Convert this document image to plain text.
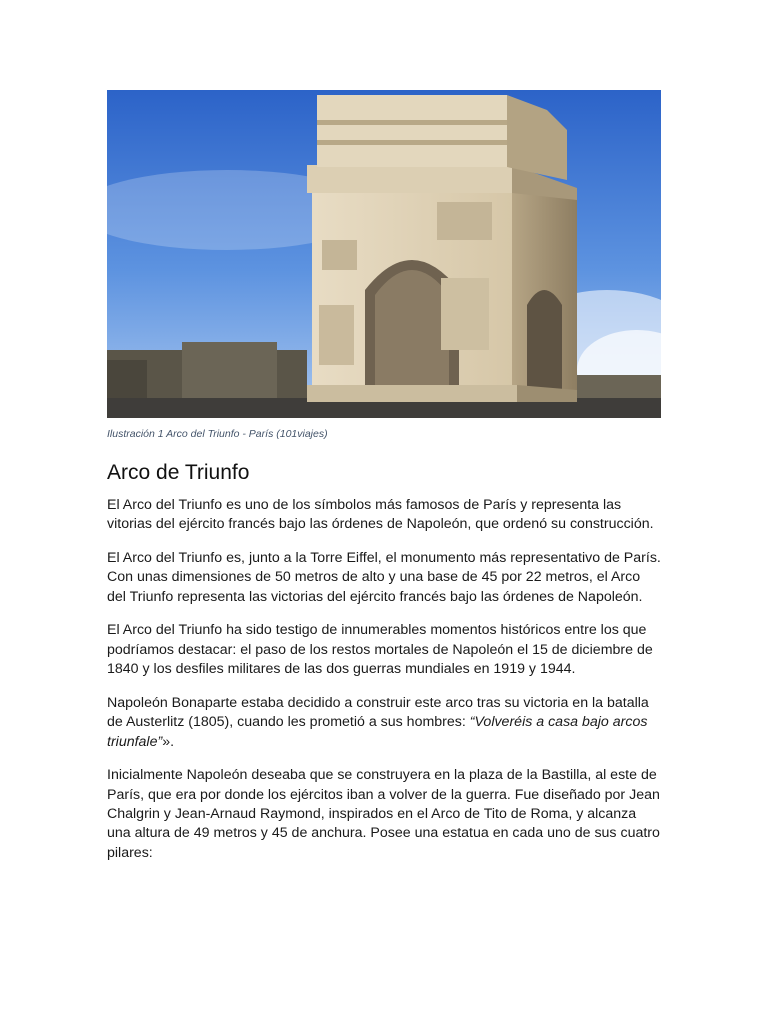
Ilustración 1 Arco del Triunfo - París (101viajes)
Arco de Triunfo

El Arco del Triunfo es uno de los símbolos más famosos de París y representa las vitorias del ejército francés bajo las órdenes de Napoleón, que ordenó su construcción.

El Arco del Triunfo es, junto a la Torre Eiffel, el monumento más representativo de París. Con unas dimensiones de 50 metros de alto y una base de 45 por 22 metros, el Arco del Triunfo representa las victorias del ejército francés bajo las órdenes de Napoleón.

El Arco del Triunfo ha sido testigo de innumerables momentos históricos entre los que podríamos destacar: el paso de los restos mortales de Napoleón el 15 de diciembre de 1840 y los desfiles militares de las dos guerras mundiales en 1919 y 1944.

Napoleón Bonaparte estaba decidido a construir este arco tras su victoria en la batalla de Austerlitz (1805), cuando les prometió a sus hombres: “Volveréis a casa bajo arcos triunfale”».

Inicialmente Napoleón deseaba que se construyera en la plaza de la Bastilla, al este de París, que era por donde los ejércitos iban a volver de la guerra. Fue diseñado por Jean Chalgrin y Jean-Arnaud Raymond, inspirados en el Arco de Tito de Roma, y alcanza una altura de 49 metros y 45 de anchura. Posee una estatua en cada uno de sus cuatro pilares:
